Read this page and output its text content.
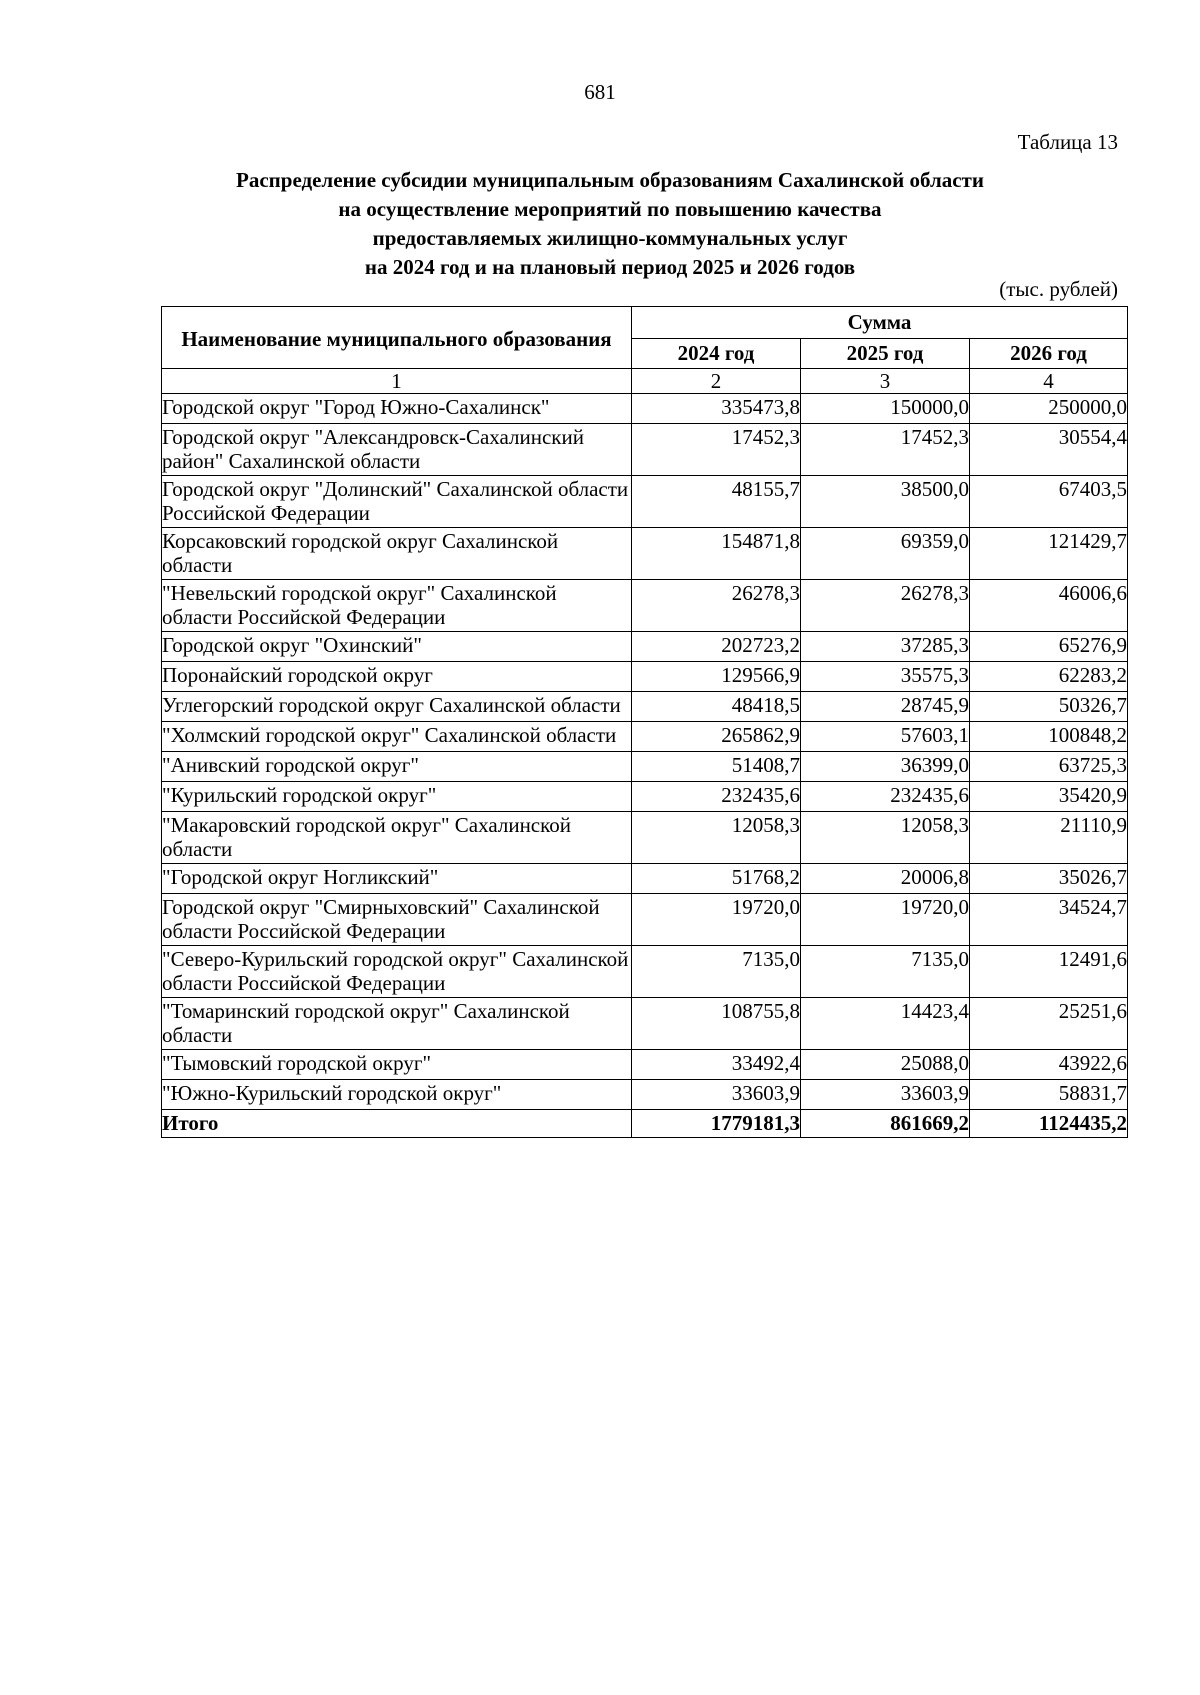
681
Таблица 13
Распределение субсидии муниципальным образованиям Сахалинской области
на осуществление мероприятий по повышению качества
предоставляемых жилищно-коммунальных услуг
на 2024 год и на плановый период 2025 и 2026 годов
(тыс. рублей)
Наименование муниципального образования	Сумма		
	2024 год	2025 год	2026 год
1	2	3	4
Городской округ "Город Южно-Сахалинск"	335473,8	150000,0	250000,0
Городской округ "Александровск-Сахалинский район" Сахалинской области	17452,3	17452,3	30554,4
Городской округ "Долинский" Сахалинской области Российской Федерации	48155,7	38500,0	67403,5
Корсаковский городской округ Сахалинской области	154871,8	69359,0	121429,7
"Невельский городской округ" Сахалинской области Российской Федерации	26278,3	26278,3	46006,6
Городской округ "Охинский"	202723,2	37285,3	65276,9
Поронайский городской округ	129566,9	35575,3	62283,2
Углегорский городской округ Сахалинской области	48418,5	28745,9	50326,7
"Холмский городской округ" Сахалинской области	265862,9	57603,1	100848,2
"Анивский городской округ"	51408,7	36399,0	63725,3
"Курильский городской округ"	232435,6	232435,6	35420,9
"Макаровский городской округ" Сахалинской области	12058,3	12058,3	21110,9
"Городской округ Ногликский"	51768,2	20006,8	35026,7
Городской округ "Смирныховский" Сахалинской области Российской Федерации	19720,0	19720,0	34524,7
"Северо-Курильский городской округ" Сахалинской области Российской Федерации	7135,0	7135,0	12491,6
"Томаринский городской округ" Сахалинской области	108755,8	14423,4	25251,6
"Тымовский городской округ"	33492,4	25088,0	43922,6
"Южно-Курильский городской округ"	33603,9	33603,9	58831,7
Итого	1779181,3	861669,2	1124435,2
